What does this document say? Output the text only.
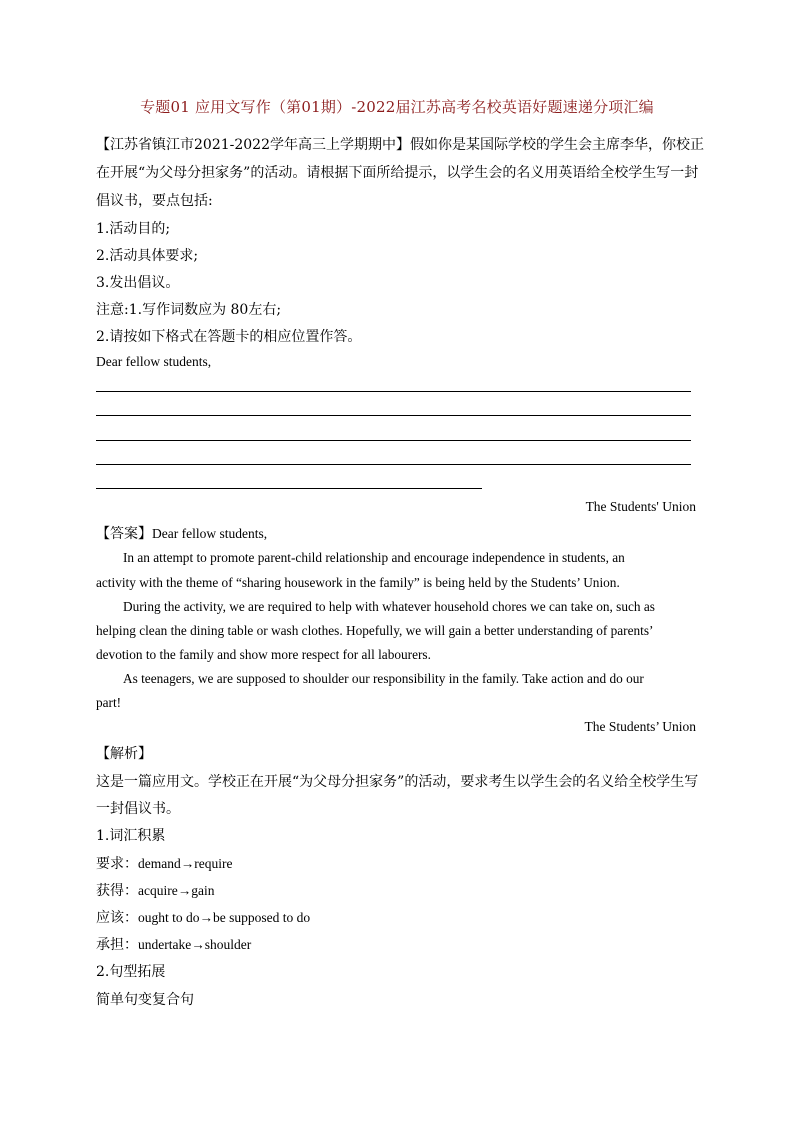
专题01 应用文写作（第01期）-2022届江苏高考名校英语好题速递分项汇编
【江苏省镇江市2021-2022学年高三上学期期中】假如你是某国际学校的学生会主席李华，你校正
在开展“为父母分担家务”的活动。请根据下面所给提示，以学生会的名义用英语给全校学生写一封
倡议书，要点包括:
1.活动目的;
2.活动具体要求;
3.发出倡议。
注意:1.写作词数应为 80左右;
2.请按如下格式在答题卡的相应位置作答。
Dear fellow students,
The Students' Union
【答案】Dear fellow students,
In an attempt to promote parent-child relationship and encourage independence in students, an
activity with the theme of “sharing housework in the family” is being held by the Students’ Union.
During the activity, we are required to help with whatever household chores we can take on, such as
helping clean the dining table or wash clothes. Hopefully, we will gain a better understanding of parents’
devotion to the family and show more respect for all labourers.
As teenagers, we are supposed to shoulder our responsibility in the family. Take action and do our
part!
The Students’ Union
【解析】
这是一篇应用文。学校正在开展“为父母分担家务”的活动，要求考生以学生会的名义给全校学生写
一封倡议书。
1.词汇积累
要求：demand→require
获得：acquire→gain
应该：ought to do→be supposed to do
承担：undertake→shoulder
2.句型拓展
简单句变复合句
